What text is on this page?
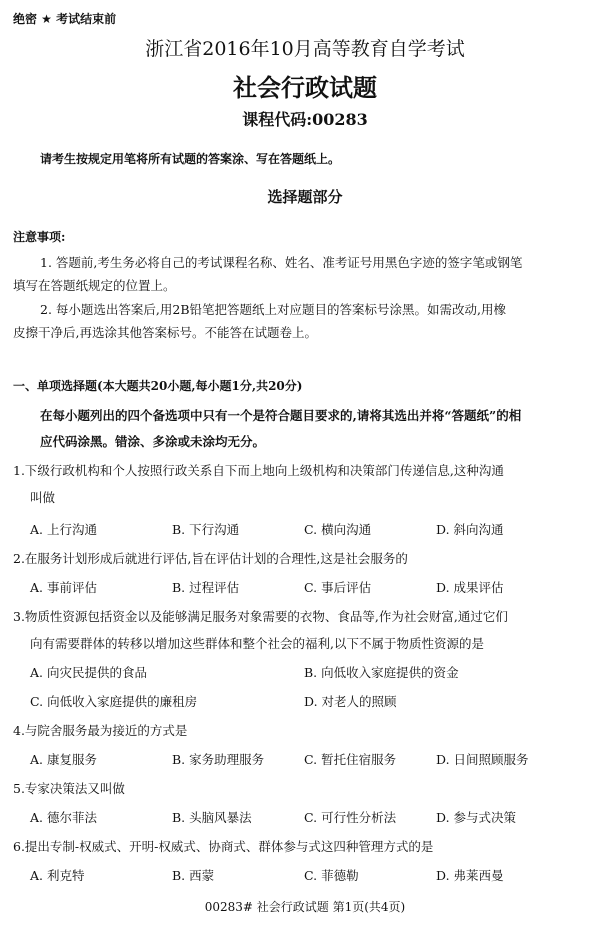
绝密 ★ 考试结束前
浙江省2016年10月高等教育自学考试
社会行政试题
课程代码:00283
请考生按规定用笔将所有试题的答案涂、写在答题纸上。
选择题部分
注意事项:
1. 答题前,考生务必将自己的考试课程名称、姓名、准考证号用黑色字迹的签字笔或钢笔
填写在答题纸规定的位置上。
2. 每小题选出答案后,用2B铅笔把答题纸上对应题目的答案标号涂黑。如需改动,用橡
皮擦干净后,再选涂其他答案标号。不能答在试题卷上。
一、单项选择题(本大题共20小题,每小题1分,共20分)
在每小题列出的四个备选项中只有一个是符合题目要求的,请将其选出并将“答题纸”的相
应代码涂黑。错涂、多涂或未涂均无分。
1.下级行政机构和个人按照行政关系自下而上地向上级机构和决策部门传递信息,这种沟通
叫做
A. 上行沟通	B. 下行沟通	C. 横向沟通	D. 斜向沟通
2.在服务计划形成后就进行评估,旨在评估计划的合理性,这是社会服务的
A. 事前评估	B. 过程评估	C. 事后评估	D. 成果评估
3.物质性资源包括资金以及能够满足服务对象需要的衣物、食品等,作为社会财富,通过它们
向有需要群体的转移以增加这些群体和整个社会的福利,以下不属于物质性资源的是
A. 向灾民提供的食品	B. 向低收入家庭提供的资金
C. 向低收入家庭提供的廉租房	D. 对老人的照顾
4.与院舍服务最为接近的方式是
A. 康复服务	B. 家务助理服务	C. 暂托住宿服务	D. 日间照顾服务
5.专家决策法又叫做
A. 德尔菲法	B. 头脑风暴法	C. 可行性分析法	D. 参与式决策
6.提出专制-权威式、开明-权威式、协商式、群体参与式这四种管理方式的是
A. 利克特	B. 西蒙	C. 菲德勒	D. 弗莱西曼
00283# 社会行政试题 第1页(共4页)
